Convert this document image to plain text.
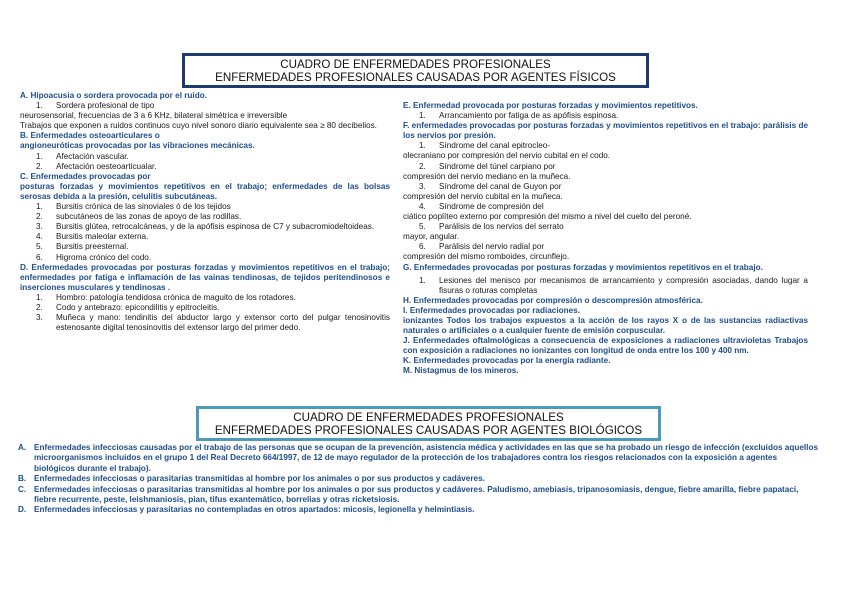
CUADRO DE ENFERMEDADES PROFESIONALES
ENFERMEDADES PROFESIONALES CAUSADAS POR AGENTES FÍSICOS
A. Hipoacusia o sordera provocada por el ruido.
1.	Sordera profesional de tipo
neurosensorial, frecuencias de 3 a 6 KHz, bilateral simétrica e irreversible
Trabajos que exponen a ruidos continuos cuyo nivel sonoro diario equivalente sea ≥ 80 decibelios.
B. Enfermedades osteoarticulares o
angioneuróticas provocadas por las vibraciones mecánicas.
1.	Afectación vascular.
2.	Afectación oesteoarticualar.
C. Enfermedades provocadas por
posturas forzadas y movimientos repetitivos en el trabajo; enfermedades de las bolsas serosas debida a la presión, celulitis subcutáneas.
1.	Bursitis crónica de las sinoviales ó de los tejidos
2.	subcutáneos de las zonas de apoyo de las rodillas.
3.	Bursitis glútea, retrocalcáneas, y de la apófisis espinosa de C7 y subacromiodeltoideas.
4.	Bursitis maleolar externa.
5.	Bursitis preesternal.
6.	Higroma crónico del codo.
D. Enfermedades provocadas por posturas forzadas y movimientos repetitivos en el trabajo; enfermedades por fatiga e inflamación de las vainas tendinosas, de tejidos peritendinosos e inserciones musculares y tendinosas .
1.	Hombro: patología tendidosa crónica de maguito de los rotadores.
2.	Codo y antebrazo: epicondilitis y epitrocleitis.
3.	Muñeca y mano: tendinitis del abductor largo y extensor corto del pulgar tenosinovitis estenosante digital tenosinovitis del extensor largo del primer dedo.
E. Enfermedad provocada por posturas forzadas y movimientos repetitivos.
1.	Arrancamiento por fatiga de as apófisis espinosa.
F. enfermedades provocadas por posturas forzadas y movimientos repetitivos en el trabajo: parálisis de los nervios por presión.
1.	Síndrome del canal epitrocleo-
olecraniano por compresión del nervio cubital en el codo.
2.	Síndrome del túnel carpiano por
compresión del nervio mediano en la muñeca.
3.	Síndrome del canal de Guyon por
compresión del nervio cubital en la muñeca.
4.	Síndrome de compresión del
ciático poplíteo externo por compresión del mismo a nivel del cuello del peroné.
5.	Parálisis de los nervios del serrato
mayor, angular.
6.	Parálisis del nervio radial por
compresión del mismo romboides, circunflejo.
G. Enfermedades provocadas por posturas forzadas y movimientos repetitivos en el trabajo.
1.	Lesiones del menisco por mecanismos de arrancamiento y compresión asociadas, dando lugar a fisuras o roturas completas
H. Enfermedades provocadas por compresión o descompresión atmosférica.
I. Enfermedades provocadas por radiaciones.
ionizantes Todos los trabajos expuestos a la acción de los rayos X o de las sustancias radiactivas naturales o artificiales o a cualquier fuente de emisión corpuscular.
J. Enfermedades oftalmológicas a consecuencia de exposiciones a radiaciones ultravioletas Trabajos con exposición a radiaciones no ionizantes con longitud de onda entre los 100 y 400 nm.
K. Enfermedades provocadas por la energía radiante.
M. Nistagmus de los mineros.
CUADRO DE ENFERMEDADES PROFESIONALES
ENFERMEDADES PROFESIONALES CAUSADAS POR AGENTES BIOLÓGICOS
A. Enfermedades infecciosas causadas por el trabajo de las personas que se ocupan de la prevención, asistencia médica y actividades en las que se ha probado un riesgo de infección (excluidos aquellos microorganismos incluidos en el grupo 1 del Real Decreto 664/1997, de 12 de mayo regulador de la protección de los trabajadores contra los riesgos relacionados con la exposición a agentes biológicos durante el trabajo).
B. Enfermedades infecciosas o parasitarias transmitidas al hombre por los animales o por sus productos y cadáveres.
C. Enfermedades infecciosas o parasitarias transmitidas al hombre por los animales o por sus productos y cadáveres. Paludismo, amebiasis, tripanosomiasis, dengue, fiebre amarilla, fiebre papataci, fiebre recurrente, peste, leishmaniosis, pian, tifus exantemático, borrelias y otras ricketsiosis.
D. Enfermedades infecciosas y parasitarias no contempladas en otros apartados: micosis, legionella y helmintiasis.
